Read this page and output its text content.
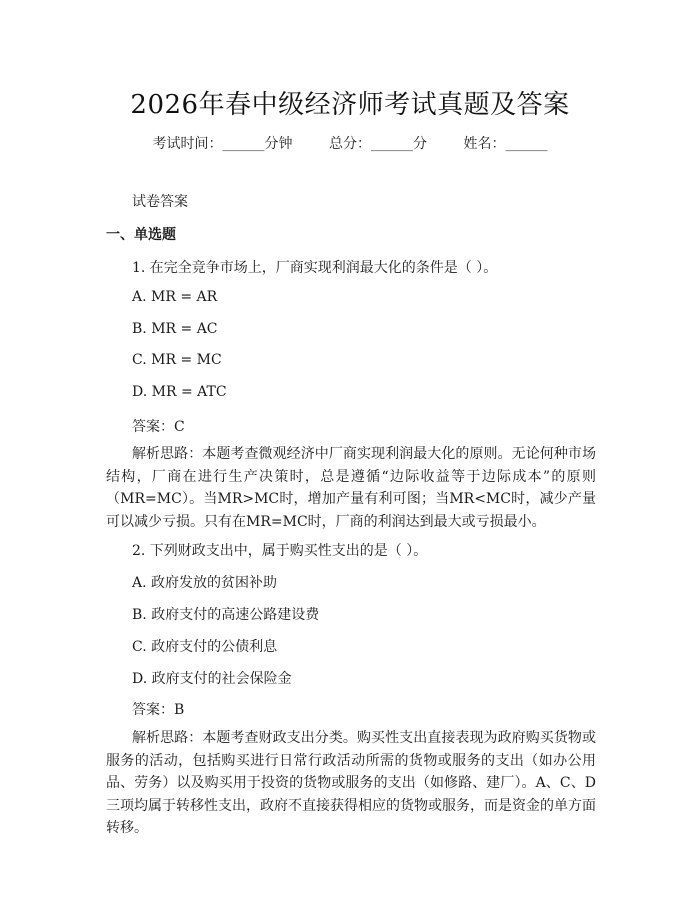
2026年春中级经济师考试真题及答案
考试时间：______分钟	总分：______分	姓名：______
试卷答案
一、单选题
1. 在完全竞争市场上，厂商实现利润最大化的条件是（ ）。
A. MR = AR
B. MR = AC
C. MR = MC
D. MR = ATC
答案：C
解析思路：本题考查微观经济中厂商实现利润最大化的原则。无论何种市场结构，厂商在进行生产决策时，总是遵循“边际收益等于边际成本”的原则（MR=MC）。当MR>MC时，增加产量有利可图；当MR<MC时，减少产量可以减少亏损。只有在MR=MC时，厂商的利润达到最大或亏损最小。
2. 下列财政支出中，属于购买性支出的是（ ）。
A. 政府发放的贫困补助
B. 政府支付的高速公路建设费
C. 政府支付的公债利息
D. 政府支付的社会保险金
答案：B
解析思路：本题考查财政支出分类。购买性支出直接表现为政府购买货物或服务的活动，包括购买进行日常行政活动所需的货物或服务的支出（如办公用品、劳务）以及购买用于投资的货物或服务的支出（如修路、建厂）。A、C、D三项均属于转移性支出，政府不直接获得相应的货物或服务，而是资金的单方面转移。
